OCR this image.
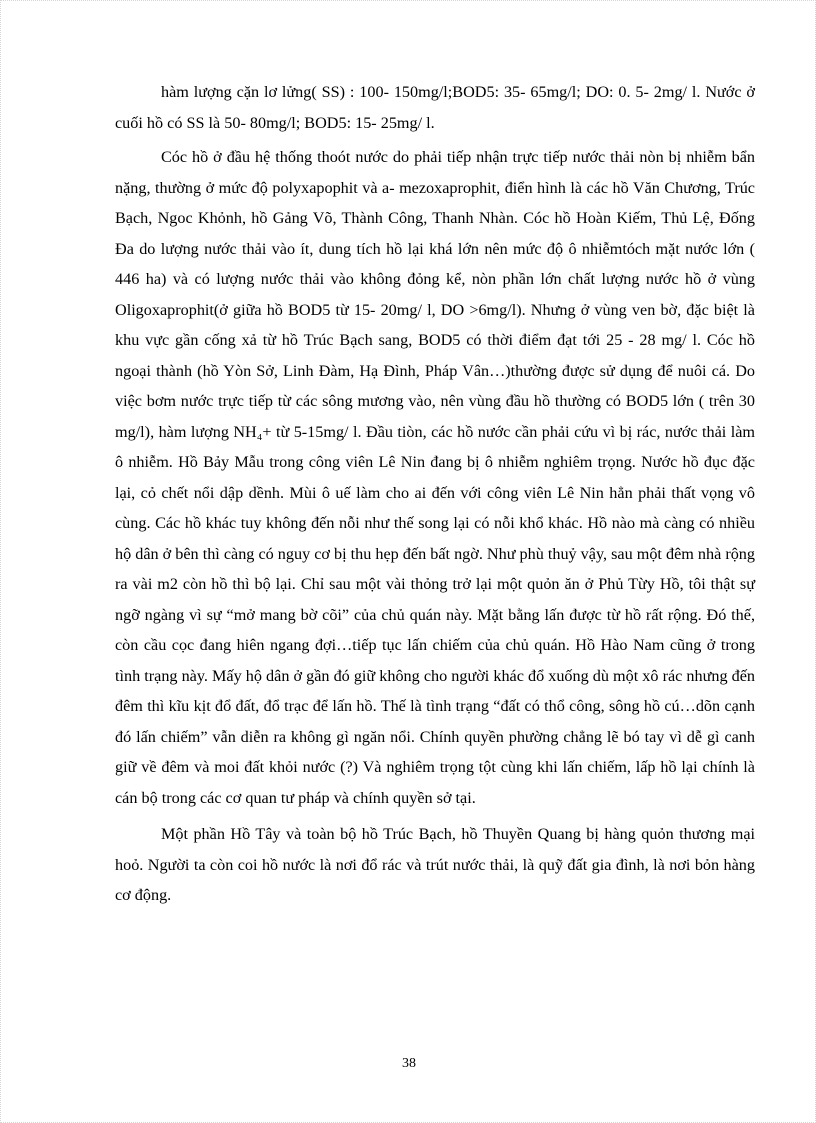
hàm lượng cặn lơ lửng( SS) : 100- 150mg/l;BOD5: 35- 65mg/l; DO: 0. 5- 2mg/ l. Nước ở cuối hồ có SS là 50- 80mg/l; BOD5: 15- 25mg/ l.

Cóc hồ ở đầu hệ thống thoót nước do phải tiếp nhận trực tiếp nước thải nòn bị nhiễm bẩn nặng, thường ở mức độ polyxapophit và a- mezoxaprophit, điển hình là các hồ Văn Chương, Trúc Bạch, Ngoc Khỏnh, hồ Gảng Võ, Thành Công, Thanh Nhàn. Cóc hồ Hoàn Kiếm, Thủ Lệ, Đống Đa do lượng nước thải vào ít, dung tích hồ lại khá lớn nên mức độ ô nhiễmtóch mặt nước lớn ( 446 ha) và có lượng nước thải vào không đỏng kể, nòn phần lớn chất lượng nước hồ ở vùng Oligoxaprophit(ở giữa hồ BOD5 từ 15- 20mg/ l, DO >6mg/l). Nhưng ở vùng ven bờ, đặc biệt là khu vực gần cống xả từ hồ Trúc Bạch sang, BOD5 có thời điểm đạt tới 25 - 28 mg/ l. Cóc hồ ngoại thành (hồ Yòn Sở, Linh Đàm, Hạ Đình, Pháp Vân…)thường được sử dụng để nuôi cá. Do việc bơm nước trực tiếp từ các sông mương vào, nên vùng đầu hồ thường có BOD5 lớn ( trên 30 mg/l), hàm lượng NH₄+ từ 5-15mg/ l. Đầu tiòn, các hồ nước cần phải cứu vì bị rác, nước thải làm ô nhiễm. Hồ Bảy Mẫu trong công viên Lê Nin đang bị ô nhiễm nghiêm trọng. Nước hồ đục đặc lại, cỏ chết nổi dập dềnh. Mùi ô uế làm cho ai đến với công viên Lê Nin hẳn phải thất vọng vô cùng. Các hồ khác tuy không đến nỗi như thế song lại có nỗi khổ khác. Hồ nào mà càng có nhiều hộ dân ở bên thì càng có nguy cơ bị thu hẹp đến bất ngờ. Như phù thuỷ vậy, sau một đêm nhà rộng ra vài m2 còn hồ thì bộ lại. Chỉ sau một vài thỏng trở lại một quỏn ăn ở Phủ Từy Hồ, tôi thật sự ngỡ ngàng vì sự “mở mang bờ cõi” của chủ quán này. Mặt bằng lấn được từ hồ rất rộng. Đó thế, còn cầu cọc đang hiên ngang đợi…tiếp tục lấn chiếm của chủ quán. Hồ Hào Nam cũng ở trong tình trạng này. Mấy hộ dân ở gần đó giữ không cho người khác đổ xuống dù một xô rác nhưng đến đêm thì kĩu kịt đổ đất, đổ trạc để lấn hồ. Thế là tình trạng “đất có thổ công, sông hồ cú…dõn cạnh đó lấn chiếm” vẫn diễn ra không gì ngăn nổi. Chính quyền phường chẳng lẽ bó tay vì dễ gì canh giữ về đêm và moi đất khỏi nước (?) Và nghiêm trọng tột cùng khi lấn chiếm, lấp hồ lại chính là cán bộ trong các cơ quan tư pháp và chính quyền sở tại.

Một phần Hồ Tây và toàn bộ hồ Trúc Bạch, hồ Thuyền Quang bị hàng quỏn thương mại hoỏ. Người ta còn coi hồ nước là nơi đổ rác và trút nước thải, là quỹ đất gia đình, là nơi bỏn hàng cơ động.

38
